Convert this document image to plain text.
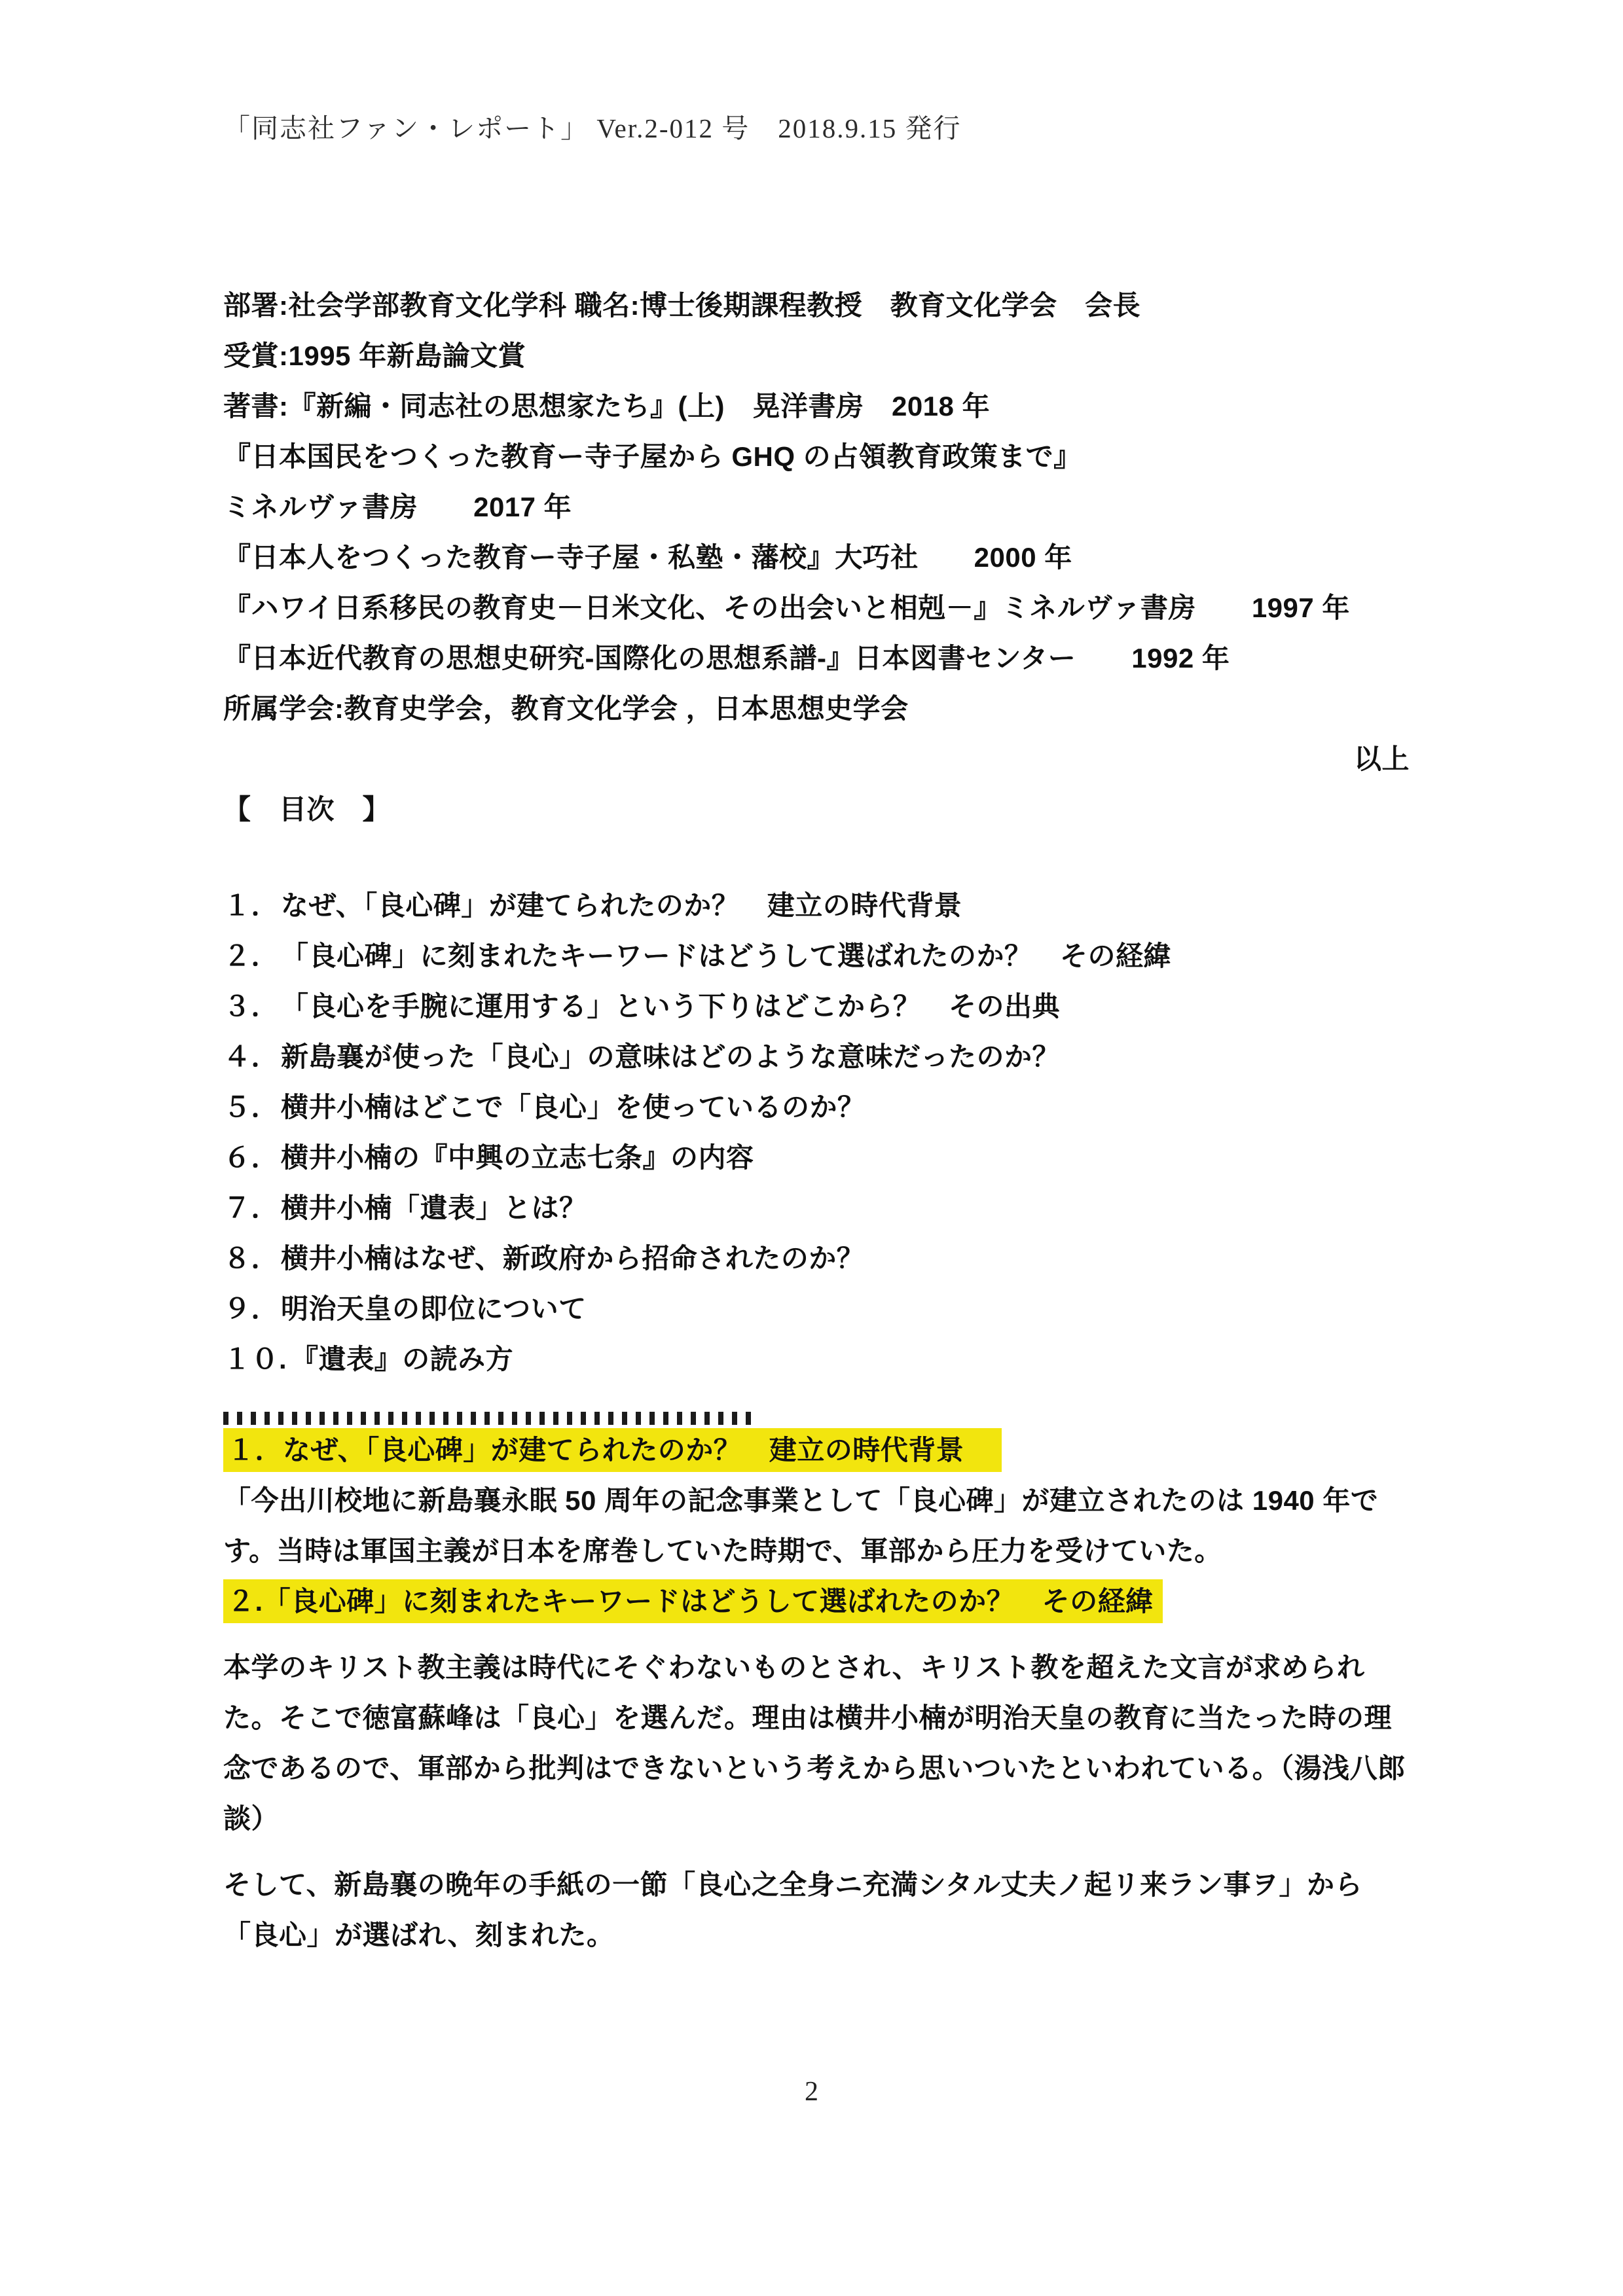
「同志社ファン・レポート」 Ver.2-012 号　2018.9.15 発行

部署:社会学部教育文化学科 職名:博士後期課程教授　教育文化学会　会長

受賞:1995 年新島論文賞

著書:『新編・同志社の思想家たち』(上)　晃洋書房　2018 年

『日本国民をつくった教育ー寺子屋から GHQ の占領教育政策まで』

ミネルヴァ書房　　2017 年

『日本人をつくった教育ー寺子屋・私塾・藩校』大巧社　　2000 年

『ハワイ日系移民の教育史－日米文化、その出会いと相剋－』ミネルヴァ書房　　1997 年

『日本近代教育の思想史研究-国際化の思想系譜-』日本図書センター　　1992 年

所属学会:教育史学会，教育文化学会 ，日本思想史学会

以上

【　目次　】

１． なぜ、「良心碑」が建てられたのか？　建立の時代背景
２． 「良心碑」に刻まれたキーワードはどうして選ばれたのか？　その経緯
３． 「良心を手腕に運用する」という下りはどこから？　その出典
４． 新島襄が使った「良心」の意味はどのような意味だったのか？
５． 横井小楠はどこで「良心」を使っているのか？
６． 横井小楠の『中興の立志七条』の内容
７． 横井小楠「遺表」とは？
８． 横井小楠はなぜ、新政府から招命されたのか？
９． 明治天皇の即位について
１０. 『遺表』の読み方

１．なぜ、「良心碑」が建てられたのか？　建立の時代背景

「今出川校地に新島襄永眠 50 周年の記念事業として「良心碑」が建立されたのは 1940 年です。当時は軍国主義が日本を席巻していた時期で、軍部から圧力を受けていた。

２.「良心碑」に刻まれたキーワードはどうして選ばれたのか？　その経緯

本学のキリスト教主義は時代にそぐわないものとされ、キリスト教を超えた文言が求められた。そこで徳富蘇峰は「良心」を選んだ。理由は横井小楠が明治天皇の教育に当たった時の理念であるので、軍部から批判はできないという考えから思いついたといわれている。（湯浅八郎談）

そして、新島襄の晩年の手紙の一節「良心之全身ニ充満シタル丈夫ノ起リ来ラン事ヲ」から「良心」が選ばれ、刻まれた。

2
